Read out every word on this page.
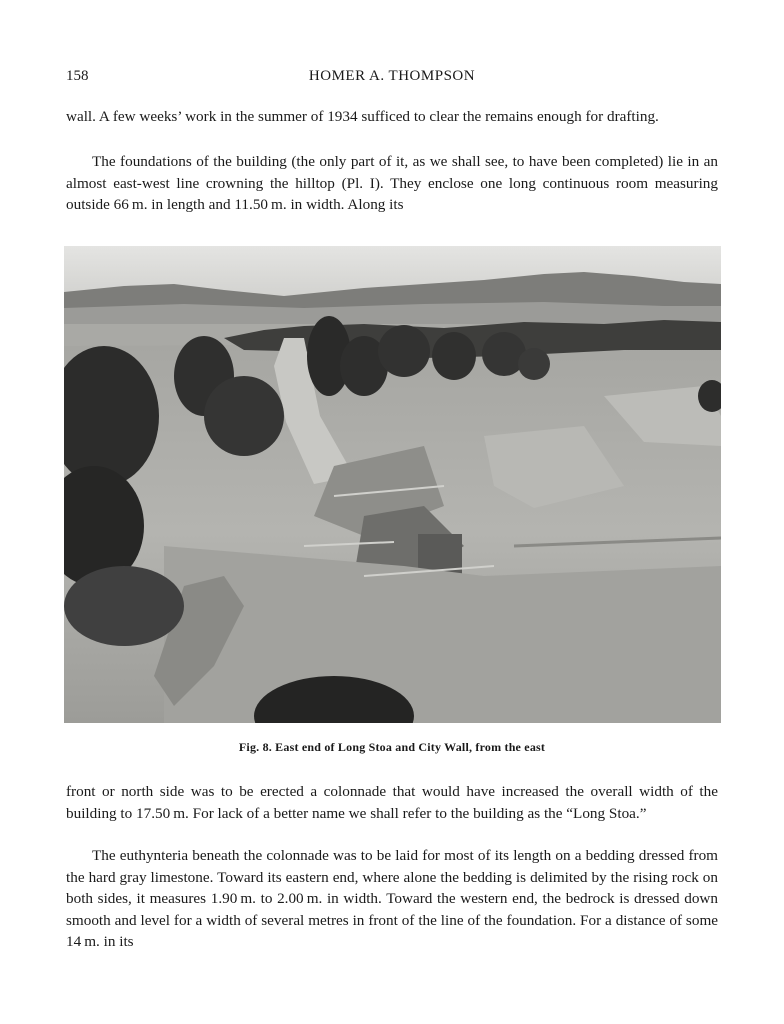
158	HOMER A. THOMPSON

wall. A few weeks’ work in the summer of 1934 sufficed to clear the remains enough for drafting.

The foundations of the building (the only part of it, as we shall see, to have been completed) lie in an almost east-west line crowning the hilltop (Pl. I). They enclose one long continuous room measuring outside 66 m. in length and 11.50 m. in width. Along its

Fig. 8. East end of Long Stoa and City Wall, from the east

front or north side was to be erected a colonnade that would have increased the overall width of the building to 17.50 m. For lack of a better name we shall refer to the building as the “Long Stoa.”

The euthynteria beneath the colonnade was to be laid for most of its length on a bedding dressed from the hard gray limestone. Toward its eastern end, where alone the bedding is delimited by the rising rock on both sides, it measures 1.90 m. to 2.00 m. in width. Toward the western end, the bedrock is dressed down smooth and level for a width of several metres in front of the line of the foundation. For a distance of some 14 m. in its
